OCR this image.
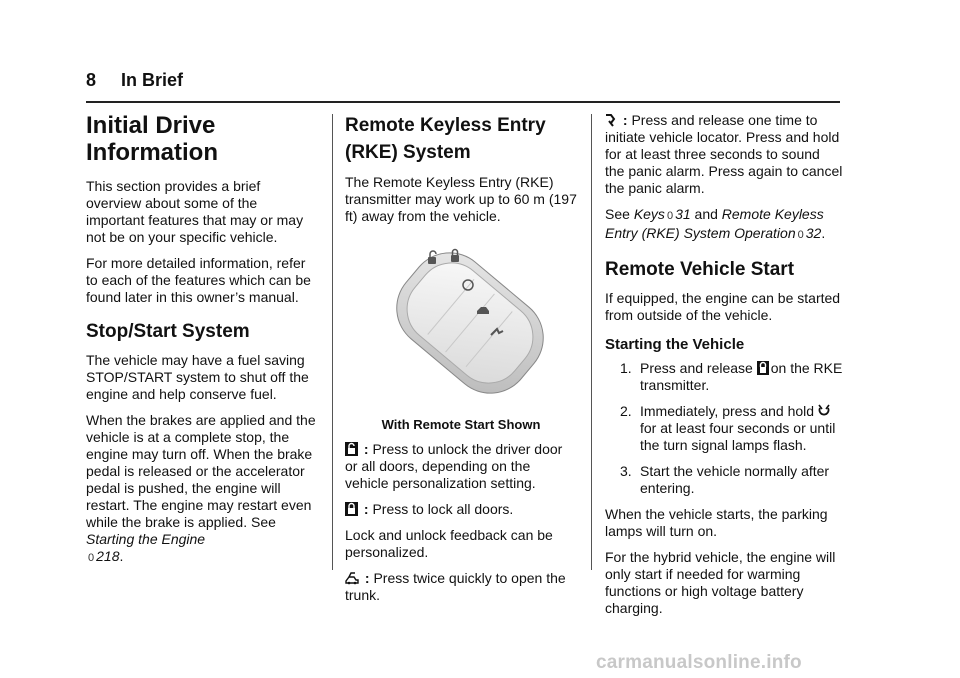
8 In Brief
Initial Drive Information

This section provides a brief overview about some of the important features that may or may not be on your specific vehicle.

For more detailed information, refer to each of the features which can be found later in this owner’s manual.

Stop/Start System

The vehicle may have a fuel saving STOP/START system to shut off the engine and help conserve fuel.

When the brakes are applied and the vehicle is at a complete stop, the engine may turn off. When the brake pedal is released or the accelerator pedal is pushed, the engine will restart. The engine may restart even while the brake is applied. See Starting the Engine
0 218.

Remote Keyless Entry (RKE) System

The Remote Keyless Entry (RKE) transmitter may work up to 60 m (197 ft) away from the vehicle.

With Remote Start Shown

: Press to unlock the driver door or all doors, depending on the vehicle personalization setting.

: Press to lock all doors.

Lock and unlock feedback can be personalized.

: Press twice quickly to open the trunk.

: Press and release one time to initiate vehicle locator. Press and hold for at least three seconds to sound the panic alarm. Press again to cancel the panic alarm.

See Keys 0 31 and Remote Keyless Entry (RKE) System Operation 0 32.

Remote Vehicle Start

If equipped, the engine can be started from outside of the vehicle.

Starting the Vehicle
1. Press and release on the RKE transmitter.
2. Immediately, press and hold for at least four seconds or until the turn signal lamps flash.
3. Start the vehicle normally after entering.

When the vehicle starts, the parking lamps will turn on.

For the hybrid vehicle, the engine will only start if needed for warming functions or high voltage battery charging.

carmanualsonline.info
